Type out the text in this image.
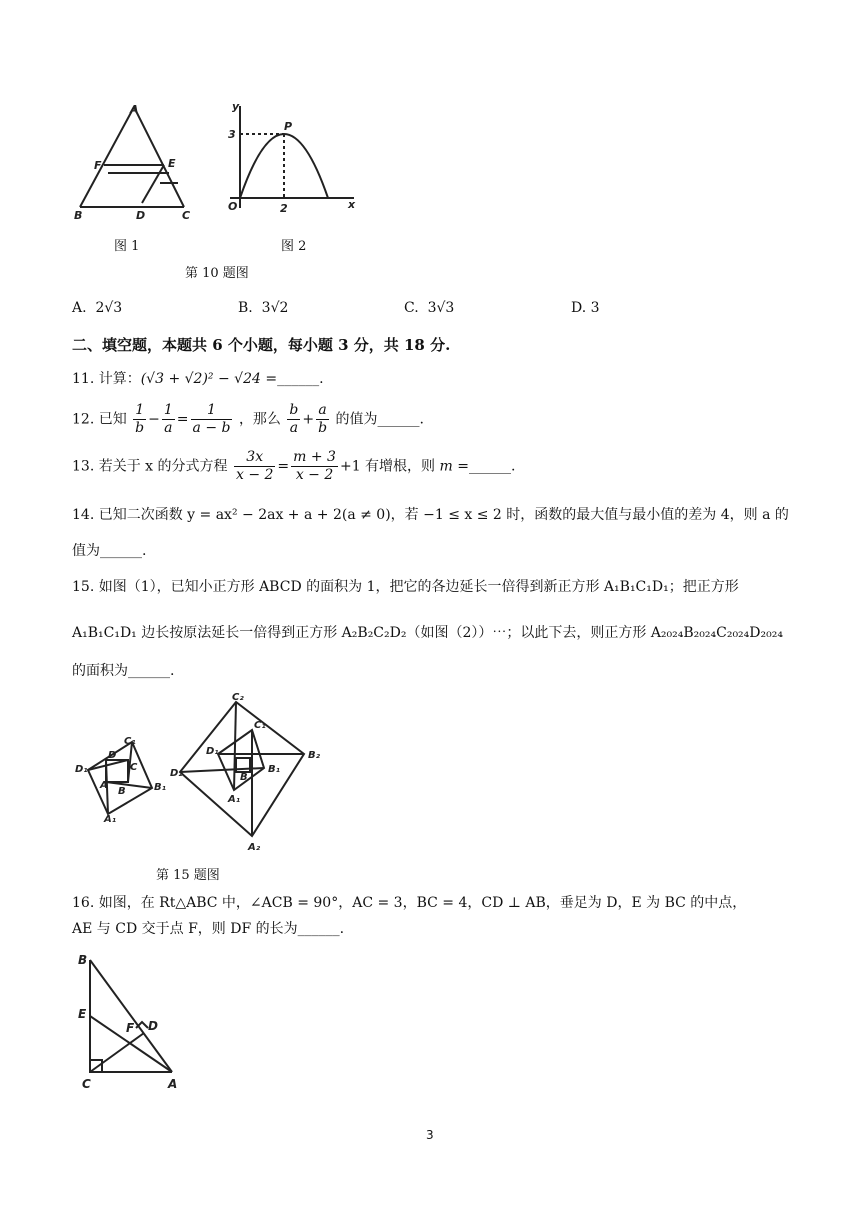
A
F	E
B	D	C
y
x
O
P
3
2
图 1	图 2
第 10 题图
A. 2√3	B. 3√2	C. 3√3	D. 3
二、填空题，本题共 6 个小题，每小题 3 分，共 18 分.
11. 计算：(√3 + √2)² − √24 =______.
12. 已知 $\frac{1}{b} - \frac{1}{a} = \frac{1}{a - b}$ ，那么 $\frac{b}{a} + \frac{a}{b}$ 的值为______.
13. 若关于 x 的分式方程 $\frac{3x}{x - 2} = \frac{m + 3}{x - 2} +1$ 有增根，则 m =______.
14. 已知二次函数 y = ax² − 2ax + a + 2(a ≠ 0)，若 −1 ≤ x ≤ 2 时，函数的最大值与最小值的差为 4，则 a 的
值为______.
15. 如图（1），已知小正方形 ABCD 的面积为 1，把它的各边延长一倍得到新正方形 A₁B₁C₁D₁；把正方形
A₁B₁C₁D₁ 边长按原法延长一倍得到正方形 A₂B₂C₂D₂（如图（2））⋯；以此下去，则正方形 A₂₀₂₄B₂₀₂₄C₂₀₂₄D₂₀₂₄
的面积为______.
D₁
C₁
B₁
A₁
D
C
A
B
C₂
B₂
D₂
A₂
C₁
D₁
B₁
A₁
B
第 15 题图
16. 如图，在 Rt△ABC 中，∠ACB = 90°，AC = 3，BC = 4，CD ⊥ AB，垂足为 D，E 为 BC 的中点，
AE 与 CD 交于点 F，则 DF 的长为______.
B
E
F D
C	A
3
